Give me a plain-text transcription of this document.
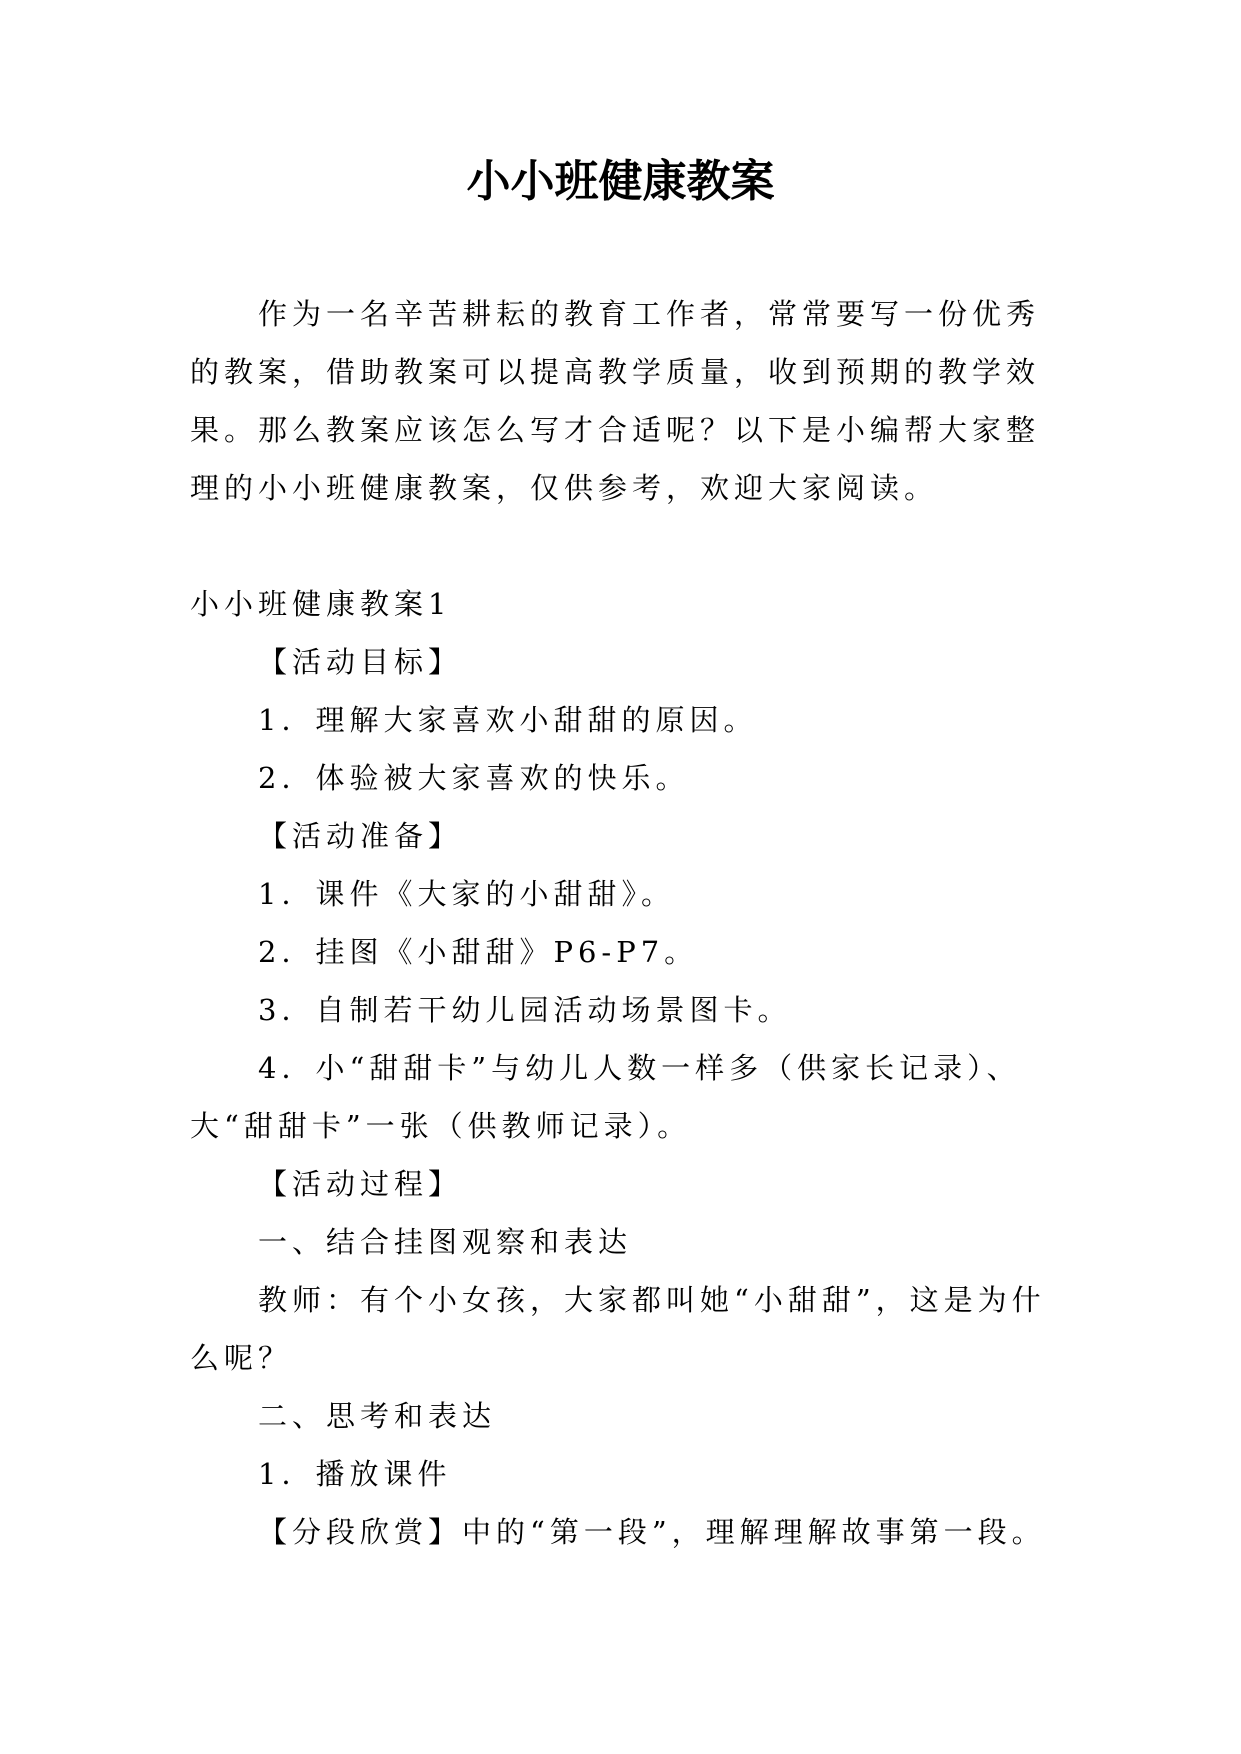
小小班健康教案

作为一名辛苦耕耘的教育工作者，常常要写一份优秀的教案，借助教案可以提高教学质量，收到预期的教学效果。那么教案应该怎么写才合适呢？以下是小编帮大家整理的小小班健康教案，仅供参考，欢迎大家阅读。

小小班健康教案1

【活动目标】

1．理解大家喜欢小甜甜的原因。

2．体验被大家喜欢的快乐。

【活动准备】

1．课件《大家的小甜甜》。

2．挂图《小甜甜》P6-P7。

3．自制若干幼儿园活动场景图卡。

4．小“甜甜卡”与幼儿人数一样多（供家长记录）、大“甜甜卡”一张（供教师记录）。

【活动过程】

一、结合挂图观察和表达

教师：有个小女孩，大家都叫她“小甜甜”，这是为什么呢？

二、思考和表达

1．播放课件

【分段欣赏】中的“第一段”，理解理解故事第一段。
